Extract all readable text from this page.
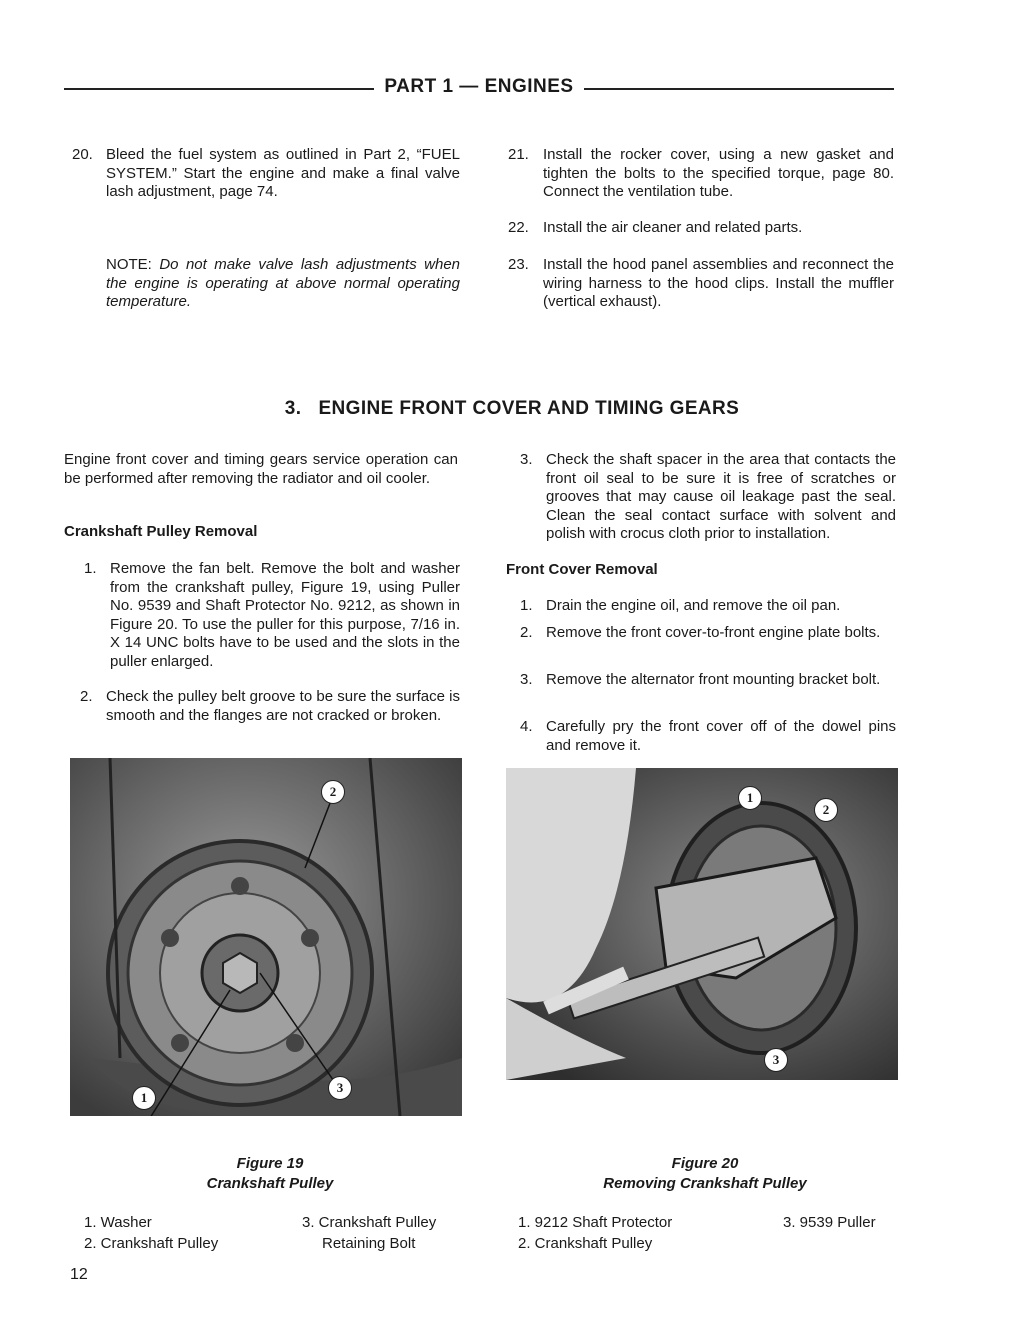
PART 1 — ENGINES
20. Bleed the fuel system as outlined in Part 2, “FUEL SYSTEM.” Start the engine and make a final valve lash adjustment, page 74.
NOTE: Do not make valve lash adjustments when the engine is operating at above normal operating temperature.
21. Install the rocker cover, using a new gasket and tighten the bolts to the specified torque, page 80. Connect the ventilation tube.
22. Install the air cleaner and related parts.
23. Install the hood panel assemblies and reconnect the wiring harness to the hood clips. Install the muffler (vertical exhaust).
3.   ENGINE FRONT COVER AND TIMING GEARS
Engine front cover and timing gears service operation can be performed after removing the radiator and oil cooler.
Crankshaft Pulley Removal
1. Remove the fan belt. Remove the bolt and washer from the crankshaft pulley, Figure 19, using Puller No. 9539 and Shaft Protector No. 9212, as shown in Figure 20. To use the puller for this purpose, 7/16 in. X 14 UNC bolts have to be used and the slots in the puller enlarged.
2. Check the pulley belt groove to be sure the surface is smooth and the flanges are not cracked or broken.
3. Check the shaft spacer in the area that contacts the front oil seal to be sure it is free of scratches or grooves that may cause oil leakage past the seal. Clean the seal contact surface with solvent and polish with crocus cloth prior to installation.
Front Cover Removal
1. Drain the engine oil, and remove the oil pan.
2. Remove the front cover-to-front engine plate bolts.
3. Remove the alternator front mounting bracket bolt.
4. Carefully pry the front cover off of the dowel pins and remove it.
1
2
3
1
2
3
Figure 19
Crankshaft Pulley
Figure 20
Removing Crankshaft Pulley
1. Washer
2. Crankshaft Pulley
3. Crankshaft Pulley
Retaining Bolt
1. 9212 Shaft Protector
2. Crankshaft Pulley
3. 9539 Puller
12
